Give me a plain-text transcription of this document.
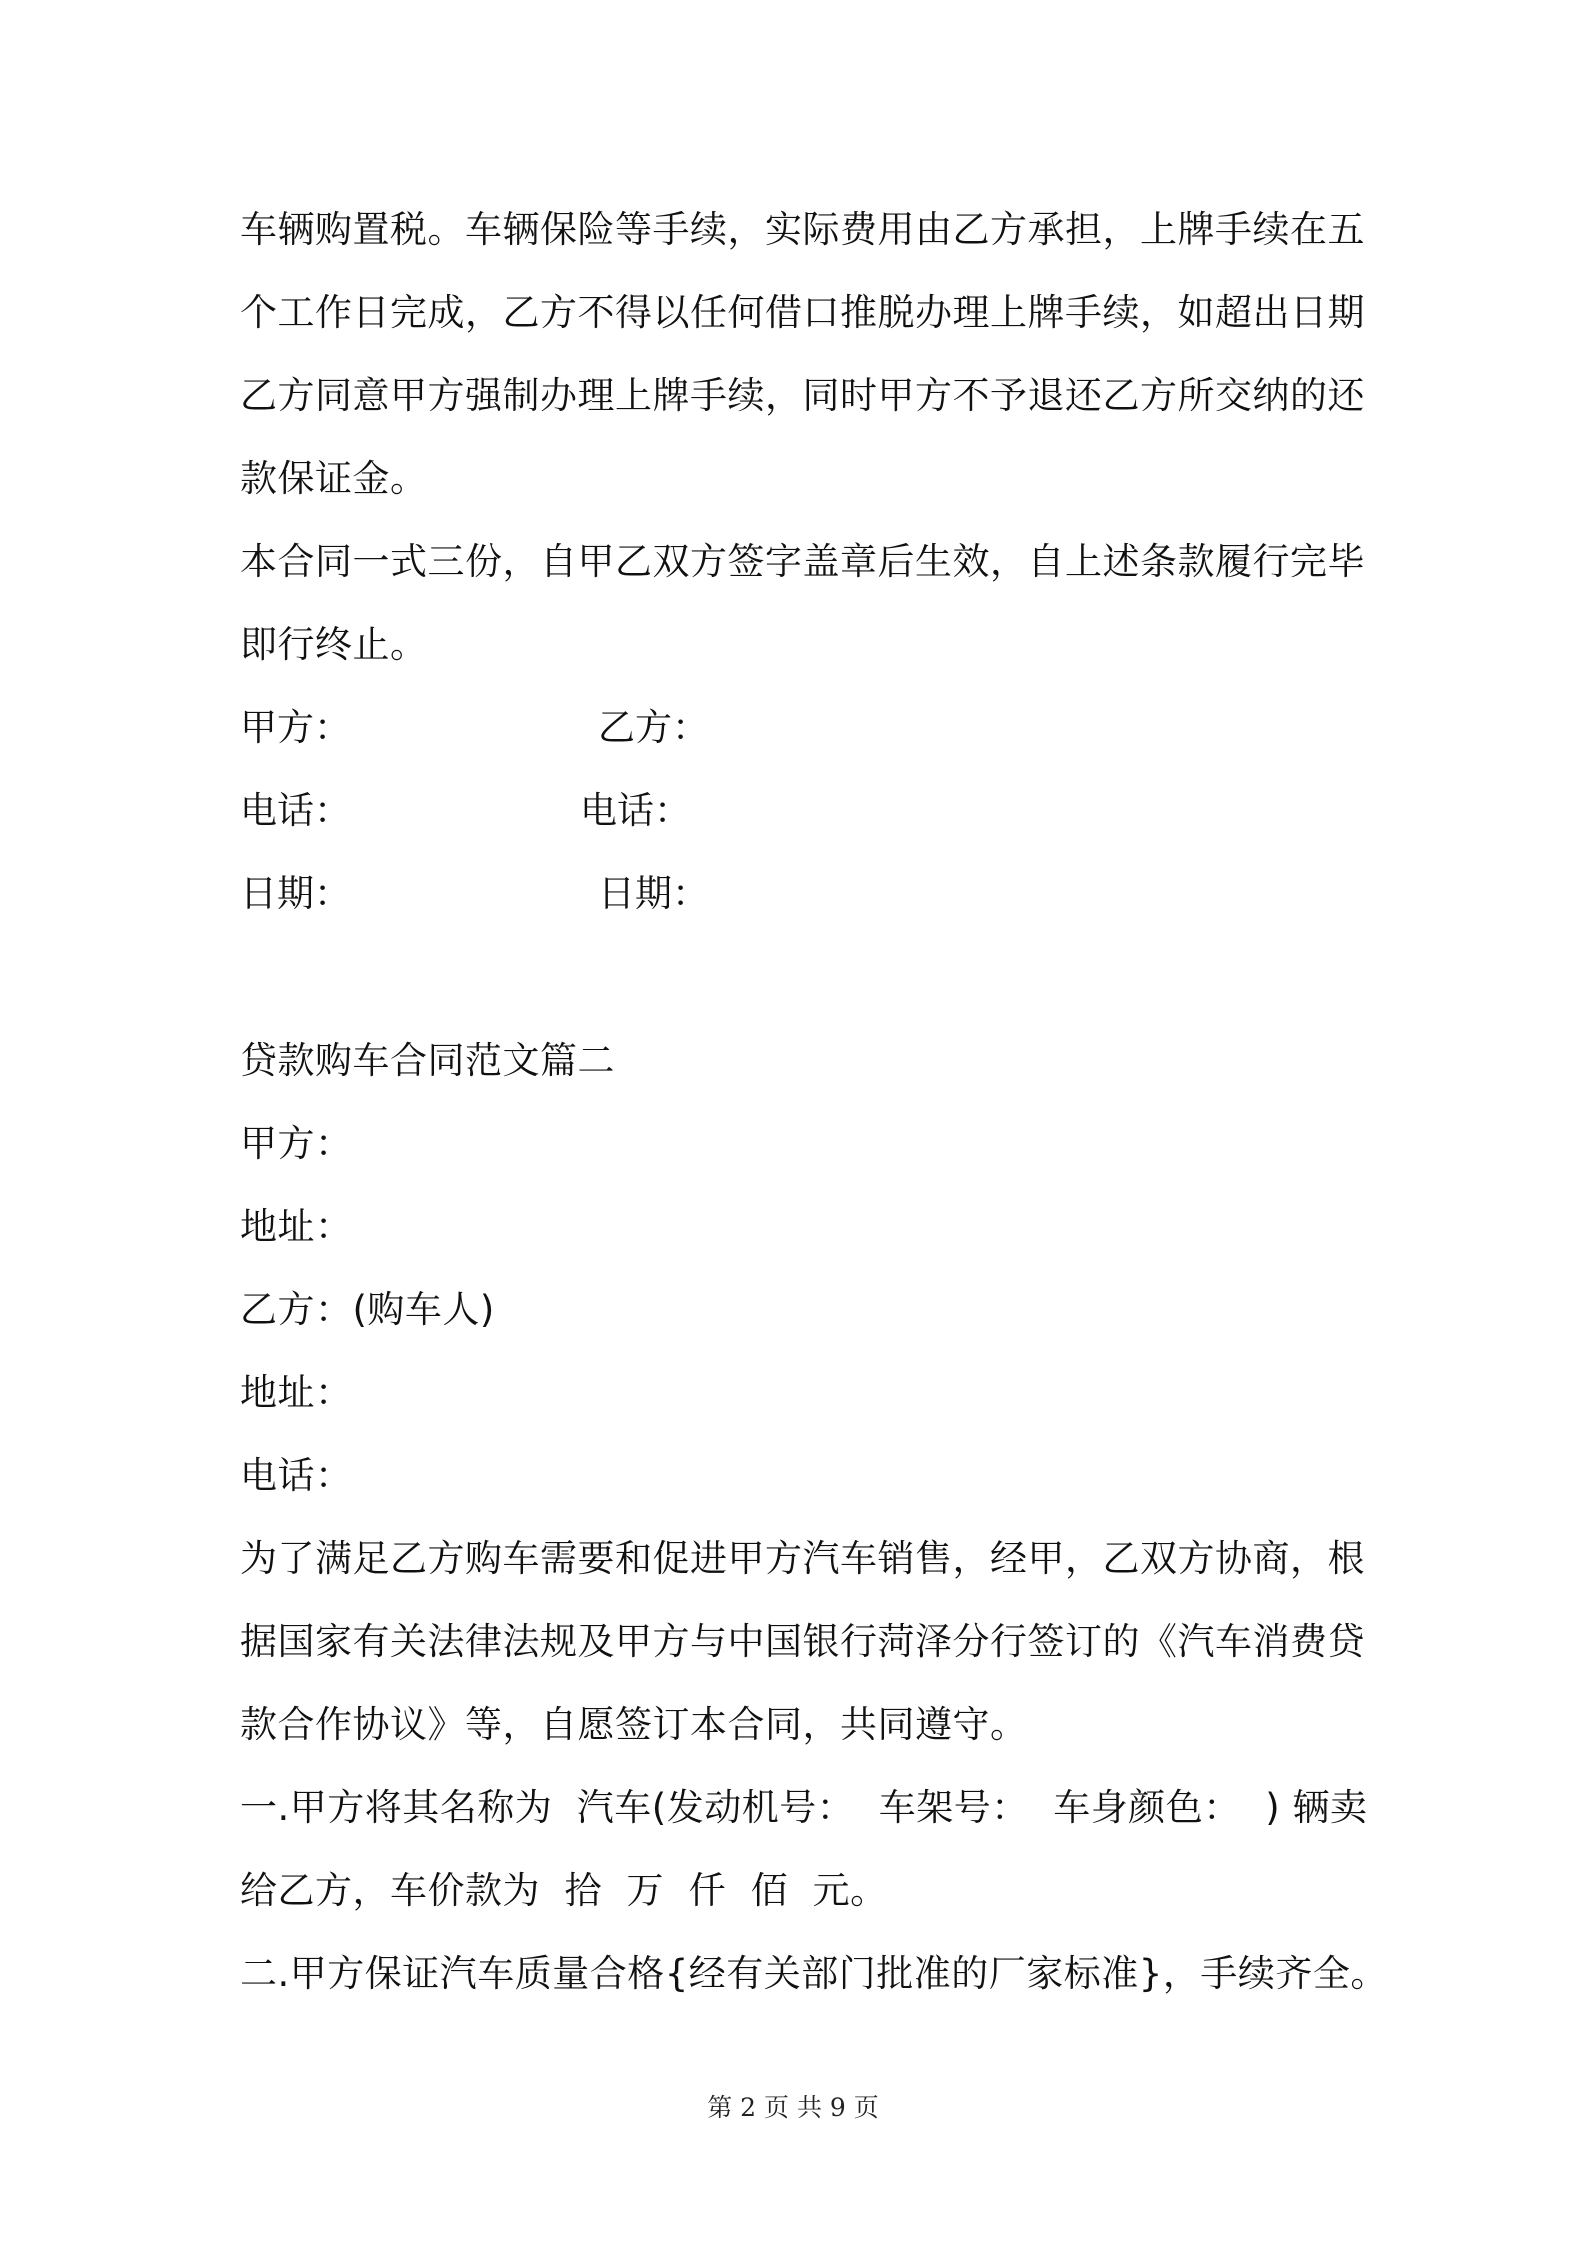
车辆购置税。车辆保险等手续，实际费用由乙方承担，上牌手续在五
个工作日完成，乙方不得以任何借口推脱办理上牌手续，如超出日期
乙方同意甲方强制办理上牌手续，同时甲方不予退还乙方所交纳的还
款保证金。
本合同一式三份，自甲乙双方签字盖章后生效，自上述条款履行完毕
即行终止。
甲方：	乙方：
电话：	电话：
日期：	日期：
贷款购车合同范文篇二
甲方：
地址：
乙方：(购车人)
地址：
电话：
为了满足乙方购车需要和促进甲方汽车销售，经甲，乙双方协商，根
据国家有关法律法规及甲方与中国银行菏泽分行签订的《汽车消费贷
款合作协议》等，自愿签订本合同，共同遵守。
一.甲方将其名称为  汽车(发动机号：  车架号：  车身颜色：  ) 辆卖
给乙方，车价款为  拾  万  仟  佰  元。
二.甲方保证汽车质量合格{经有关部门批准的厂家标准}，手续齐全。
第 2 页 共 9 页
